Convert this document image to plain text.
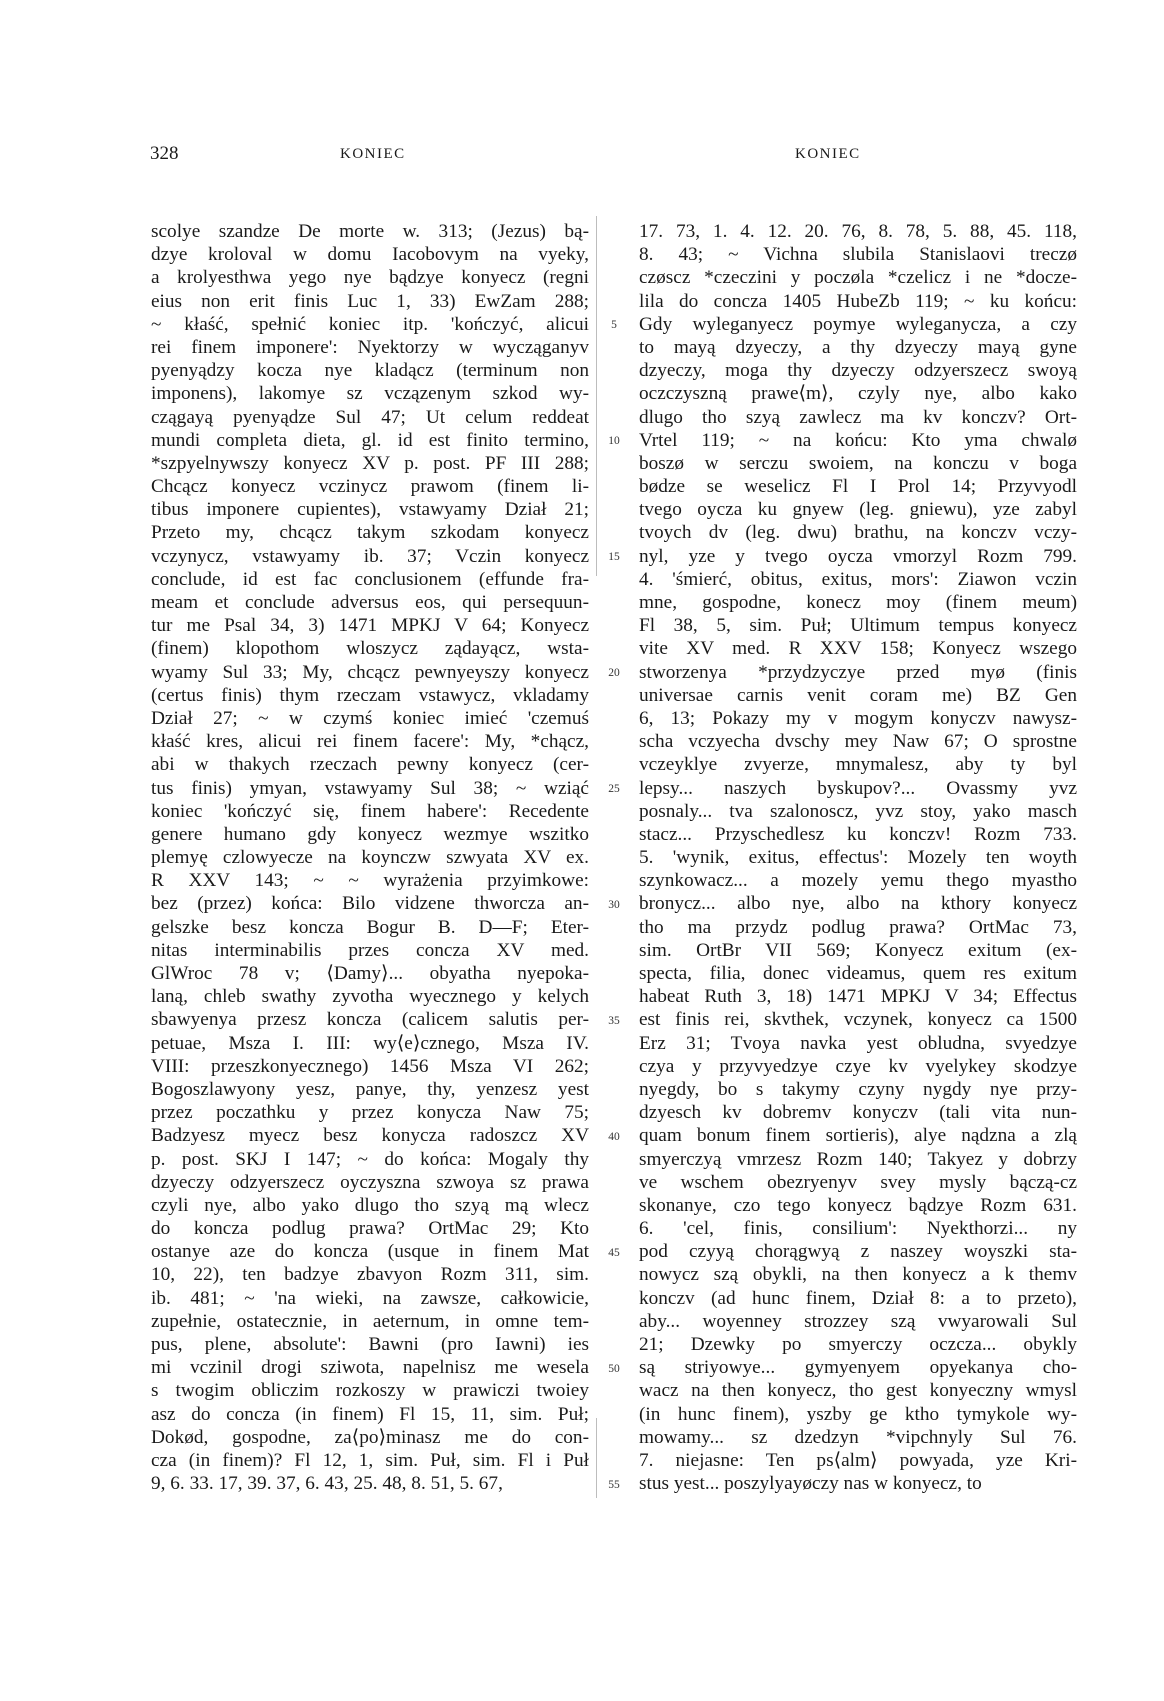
328	KONIEC	KONIEC
scolye szandze De morte w. 313; (Jezus) bą-
dzye kroloval w domu Iacobovym na vyeky,
a krolyesthwa yego nye bądzye konyecz (regni
eius non erit finis Luc 1, 33) EwZam 288;
~ kłaść, spełnić koniec itp. 'kończyć, alicui
rei finem imponere': Nyektorzy w wycząganyv
pyenyądzy kocza nye kladącz (terminum non
imponens), lakomye sz vczązenym szkod wy-
czągayą pyenyądze Sul 47; Ut celum reddeat
mundi completa dieta, gl. id est finito termino,
*szpyelnywszy konyecz XV p. post. PF III 288;
Chcącz konyecz vczinycz prawom (finem li-
tibus imponere cupientes), vstawyamy Dział 21;
Przeto my, chcącz takym szkodam konyecz
vczynycz, vstawyamy ib. 37; Vczin konyecz
conclude, id est fac conclusionem (effunde fra-
meam et conclude adversus eos, qui persequun-
tur me Psal 34, 3) 1471 MPKJ V 64; Konyecz
(finem) klopothom wloszycz ządayącz, wsta-
wyamy Sul 33; My, chcącz pewnyeyszy konyecz
(certus finis) thym rzeczam vstawycz, vkladamy
Dział 27; ~ w czymś koniec imieć 'czemuś
kłaść kres, alicui rei finem facere': My, *chącz,
abi w thakych rzeczach pewny konyecz (cer-
tus finis) ymyan, vstawyamy Sul 38; ~ wziąć
koniec 'kończyć się, finem habere': Recedente
genere humano gdy konyecz wezmye wszitko
plemyę czlowyecze na koynczw szwyata XV ex.
R XXV 143; ~ ~ wyrażenia przyimkowe:
bez (przez) końca: Bilo vidzene thworcza an-
gelszke besz koncza Bogur B. D—F; Eter-
nitas interminabilis przes concza XV med.
GlWroc 78 v; ⟨Damy⟩... obyatha nyepoka-
laną, chleb swathy zyvotha wyecznego y kelych
sbawyenya przesz koncza (calicem salutis per-
petuae, Msza I. III: wy⟨e⟩cznego, Msza IV.
VIII: przeszkonyecznego) 1456 Msza VI 262;
Bogoszlawyony yesz, panye, thy, yenzesz yest
przez poczathku y przez konycza Naw 75;
Badzyesz myecz besz konycza radoszcz XV
p. post. SKJ I 147; ~ do końca: Mogaly thy
dzyeczy odzyerszecz oyczyszna szwoya sz prawa
czyli nye, albo yako dlugo tho szyą mą wlecz
do koncza podlug prawa? OrtMac 29; Kto
ostanye aze do koncza (usque in finem Mat
10, 22), ten badzye zbavyon Rozm 311, sim.
ib. 481; ~ 'na wieki, na zawsze, całkowicie,
zupełnie, ostatecznie, in aeternum, in omne tem-
pus, plene, absolute': Bawni (pro Iawni) ies
mi vczinil drogi sziwota, napelnisz me wesela
s twogim obliczim rozkoszy w prawiczi twoiey
asz do concza (in finem) Fl 15, 11, sim. Puł;
Dokød, gospodne, za⟨po⟩minasz me do con-
cza (in finem)? Fl 12, 1, sim. Puł, sim. Fl i Puł
9, 6. 33. 17, 39. 37, 6. 43, 25. 48, 8. 51, 5. 67,
17. 73, 1. 4. 12. 20. 76, 8. 78, 5. 88, 45. 118,
8. 43; ~ Vichna slubila Stanislaovi treczø
czøscz *czeczini y poczøla *czelicz i ne *docze-
lila do concza 1405 HubeZb 119; ~ ku końcu:
Gdy wyleganyecz poymye wyleganycza, a czy
to mayą dzyeczy, a thy dzyeczy mayą gyne
dzyeczy, moga thy dzyeczy odzyerszecz swoyą
oczczyszną prawe⟨m⟩, czyly nye, albo kako
dlugo tho szyą zawlecz ma kv konczv? Ort-
Vrtel 119; ~ na końcu: Kto yma chwalø
boszø w serczu swoiem, na konczu v boga
bødze se weselicz Fl I Prol 14; Przyvyodl
tvego oycza ku gnyew (leg. gniewu), yze zabyl
tvoych dv (leg. dwu) brathu, na konczv vczy-
nyl, yze y tvego oycza vmorzyl Rozm 799.
4. 'śmierć, obitus, exitus, mors': Ziawon vczin
mne, gospodne, konecz moy (finem meum)
Fl 38, 5, sim. Puł; Ultimum tempus konyecz
vite XV med. R XXV 158; Konyecz wszego
stworzenya *przydzyczye przed myø (finis
universae carnis venit coram me) BZ Gen
6, 13; Pokazy my v mogym konyczv nawysz-
scha vczyecha dvschy mey Naw 67; O sprostne
vczeyklye zvyerze, mnymalesz, aby ty byl
lepsy... naszych byskupov?... Ovassmy yvz
posnaly... tva szalonoscz, yvz stoy, yako masch
stacz... Przyschedlesz ku konczv! Rozm 733.
5. 'wynik, exitus, effectus': Mozely ten woyth
szynkowacz... a mozely yemu thego myastho
bronycz... albo nye, albo na kthory konyecz
tho ma przydz podlug prawa? OrtMac 73,
sim. OrtBr VII 569; Konyecz exitum (ex-
specta, filia, donec videamus, quem res exitum
habeat Ruth 3, 18) 1471 MPKJ V 34; Effectus
est finis rei, skvthek, vczynek, konyecz ca 1500
Erz 31; Tvoya navka yest obludna, svyedzye
czya y przyvyedzye czye kv vyelykey skodzye
nyegdy, bo s takymy czyny nygdy nye przy-
dzyesch kv dobremv konyczv (tali vita nun-
quam bonum finem sortieris), alye nądzna a zlą
smyerczyą vmrzesz Rozm 140; Takyez y dobrzy
ve wschem obezryenyv svey mysly bączą-cz
skonanye, czo tego konyecz bądzye Rozm 631.
6. 'cel, finis, consilium': Nyekthorzi... ny
pod czyyą chorągwyą z naszey woyszki sta-
nowycz szą obykli, na then konyecz a k themv
konczv (ad hunc finem, Dział 8: a to przeto),
aby... woyenney strozzey szą vwyarowali Sul
21; Dzewky po smyerczy oczcza... obykly
są striyowye... gymyenyem opyekanya cho-
wacz na then konyecz, tho gest konyeczny wmysl
(in hunc finem), yszby ge ktho tymykole wy-
mowamy... sz dzedzyn *vipchnyly Sul 76.
7. niejasne: Ten ps⟨alm⟩ powyada, yze Kri-
stus yest... poszylyayøczy nas w konyecz, to
5
10
15
20
25
30
35
40
45
50
55
